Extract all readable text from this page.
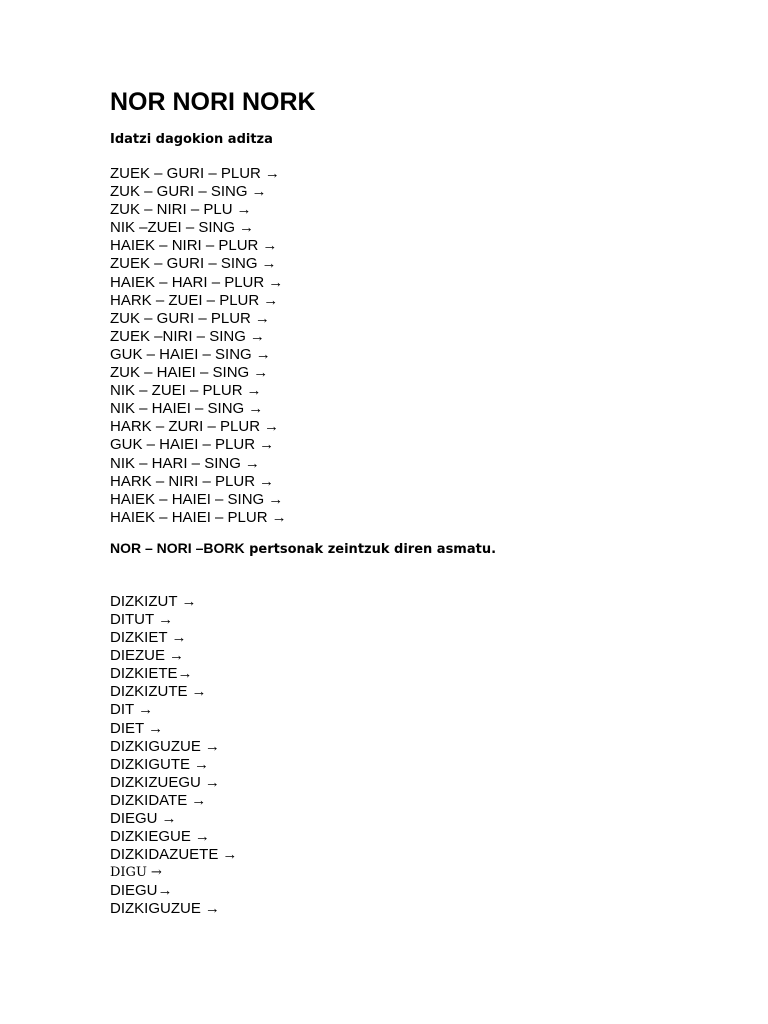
NOR NORI NORK

Idatzi dagokion aditza

ZUEK – GURI – PLUR →
ZUK – GURI – SING →
ZUK – NIRI – PLU →
NIK –ZUEI – SING →
HAIEK – NIRI – PLUR →
ZUEK – GURI – SING →
HAIEK – HARI – PLUR →
HARK – ZUEI – PLUR →
ZUK – GURI – PLUR →
ZUEK –NIRI – SING →
GUK – HAIEI – SING →
ZUK – HAIEI – SING →
NIK – ZUEI – PLUR →
NIK – HAIEI – SING →
HARK – ZURI – PLUR →
GUK – HAIEI – PLUR →
NIK – HARI – SING →
HARK – NIRI – PLUR →
HAIEK – HAIEI – SING →
HAIEK – HAIEI – PLUR →

NOR – NORI –BORK pertsonak zeintzuk diren asmatu.

DIZKIZUT →
DITUT →
DIZKIET →
DIEZUE →
DIZKIETE→
DIZKIZUTE →
DIT →
DIET →
DIZKIGUZUE →
DIZKIGUTE →
DIZKIZUEGU →
DIZKIDATE →
DIEGU →
DIZKIEGUE →
DIZKIDAZUETE →
DIGU →
DIEGU→
DIZKIGUZUE →
